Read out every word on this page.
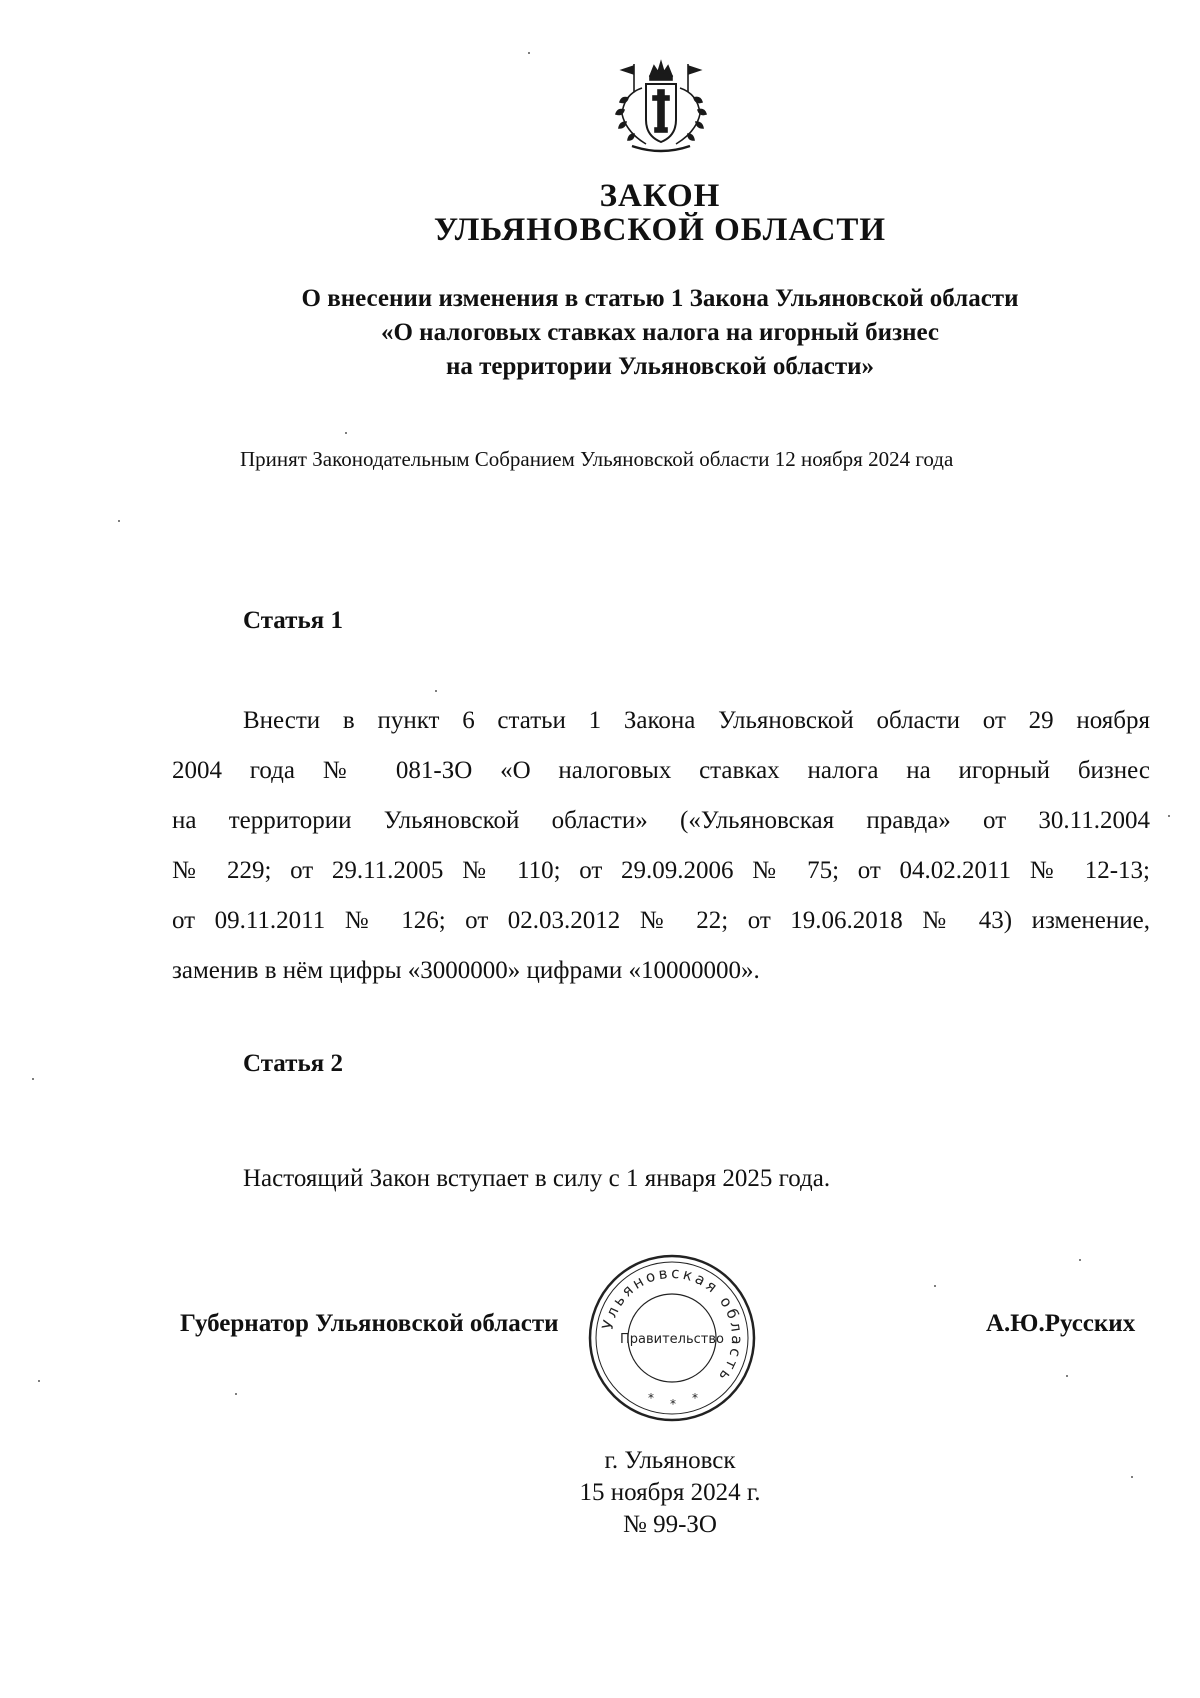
ЗАКОН
УЛЬЯНОВСКОЙ ОБЛАСТИ
О внесении изменения в статью 1 Закона Ульяновской области
«О налоговых ставках налога на игорный бизнес
на территории Ульяновской области»
Принят Законодательным Собранием Ульяновской области 12 ноября 2024 года
Статья 1
Внести в пункт 6 статьи 1 Закона Ульяновской области от 29 ноября
2004 года № 081-ЗО «О налоговых ставках налога на игорный бизнес
на территории Ульяновской области» («Ульяновская правда» от 30.11.2004
№ 229; от 29.11.2005 № 110; от 29.09.2006 № 75; от 04.02.2011 № 12-13;
от 09.11.2011 № 126; от 02.03.2012 № 22; от 19.06.2018 № 43) изменение,
заменив в нём цифры «3000000» цифрами «10000000».
Статья 2
Настоящий Закон вступает в силу с 1 января 2025 года.
Губернатор Ульяновской области	Ульяновская область
Правительство
* * *
А.Ю.Русских
г. Ульяновск
15 ноября 2024 г.
№ 99-ЗО
